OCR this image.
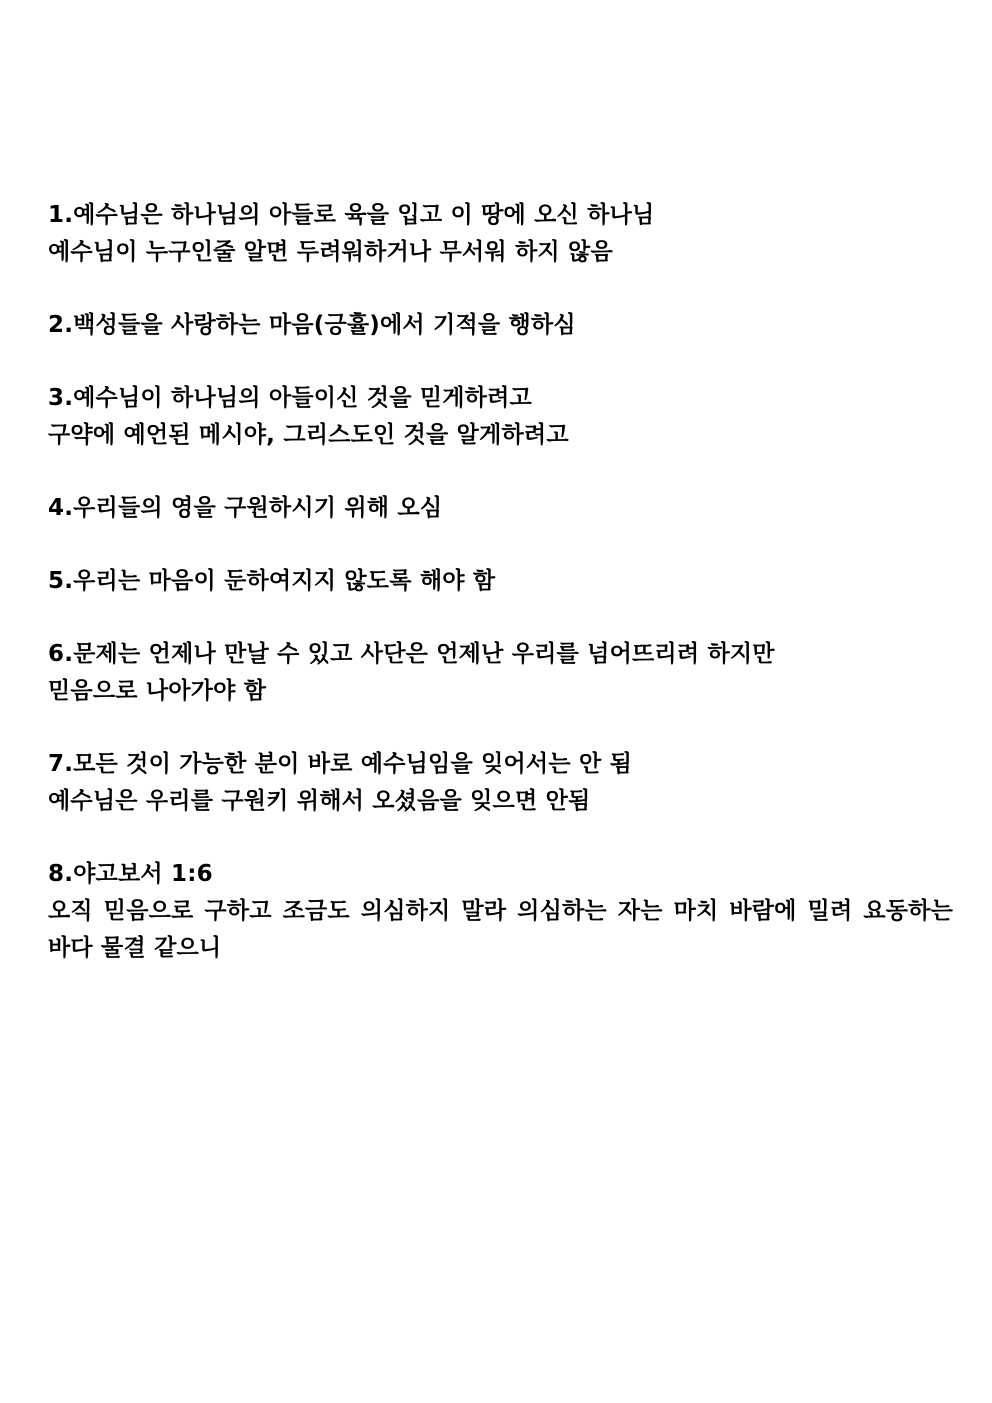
1.예수님은 하나님의 아들로 육을 입고 이 땅에 오신 하나님
예수님이 누구인줄 알면 두려워하거나 무서워 하지 않음
2.백성들을 사랑하는 마음(긍휼)에서 기적을 행하심
3.예수님이 하나님의 아들이신 것을 믿게하려고
구약에 예언된 메시야, 그리스도인 것을 알게하려고
4.우리들의 영을 구원하시기 위해 오심
5.우리는 마음이 둔하여지지 않도록 해야 함
6.문제는 언제나 만날 수 있고 사단은 언제난 우리를 넘어뜨리려 하지만
믿음으로 나아가야 함
7.모든 것이 가능한 분이 바로 예수님임을 잊어서는 안 됨
예수님은 우리를 구원키 위해서 오셨음을 잊으면 안됨
8.야고보서 1:6
오직 믿음으로 구하고 조금도 의심하지 말라 의심하는 자는 마치 바람에 밀려 요동하는 바다 물결 같으니
